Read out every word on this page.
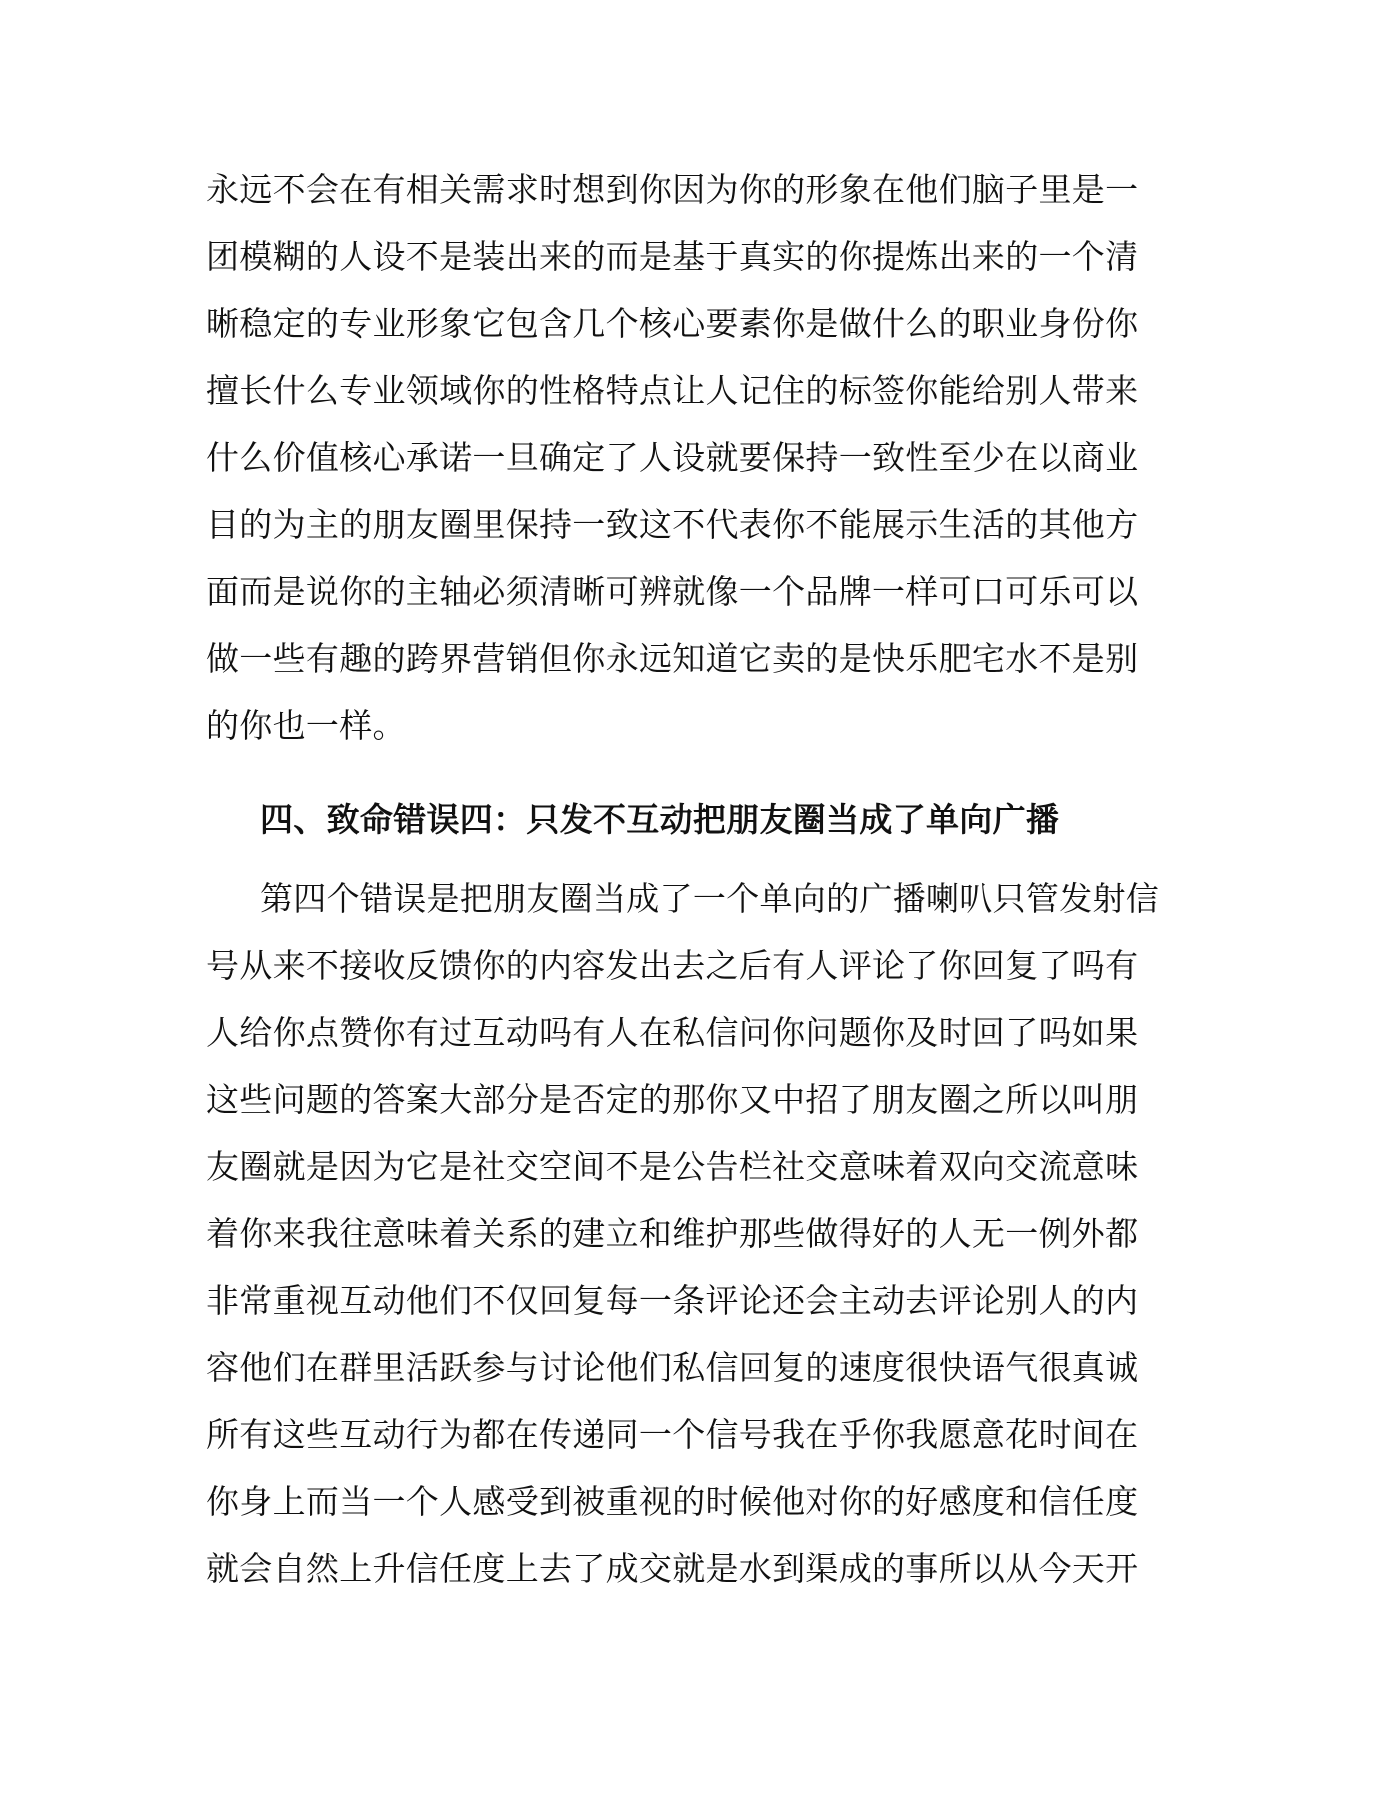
永远不会在有相关需求时想到你因为你的形象在他们脑子里是一
团模糊的人设不是装出来的而是基于真实的你提炼出来的一个清
晰稳定的专业形象它包含几个核心要素你是做什么的职业身份你
擅长什么专业领域你的性格特点让人记住的标签你能给别人带来
什么价值核心承诺一旦确定了人设就要保持一致性至少在以商业
目的为主的朋友圈里保持一致这不代表你不能展示生活的其他方
面而是说你的主轴必须清晰可辨就像一个品牌一样可口可乐可以
做一些有趣的跨界营销但你永远知道它卖的是快乐肥宅水不是别
的你也一样。
四、致命错误四：只发不互动把朋友圈当成了单向广播
第四个错误是把朋友圈当成了一个单向的广播喇叭只管发射信
号从来不接收反馈你的内容发出去之后有人评论了你回复了吗有
人给你点赞你有过互动吗有人在私信问你问题你及时回了吗如果
这些问题的答案大部分是否定的那你又中招了朋友圈之所以叫朋
友圈就是因为它是社交空间不是公告栏社交意味着双向交流意味
着你来我往意味着关系的建立和维护那些做得好的人无一例外都
非常重视互动他们不仅回复每一条评论还会主动去评论别人的内
容他们在群里活跃参与讨论他们私信回复的速度很快语气很真诚
所有这些互动行为都在传递同一个信号我在乎你我愿意花时间在
你身上而当一个人感受到被重视的时候他对你的好感度和信任度
就会自然上升信任度上去了成交就是水到渠成的事所以从今天开
